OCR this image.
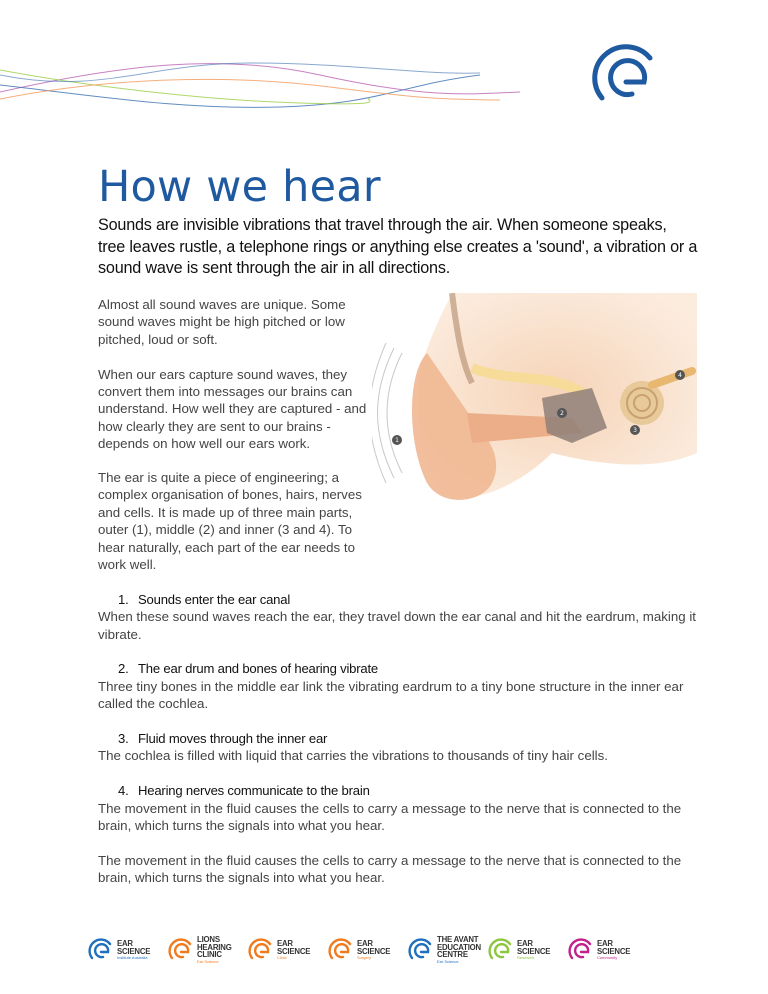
How we hear

Sounds are invisible vibrations that travel through the air. When someone speaks, tree leaves rustle, a telephone rings or anything else creates a 'sound', a vibration or a sound wave is sent through the air in all directions.

Almost all sound waves are unique. Some sound waves might be high pitched or low pitched, loud or soft.

When our ears capture sound waves, they convert them into messages our brains can understand. How well they are captured - and how clearly they are sent to our brains - depends on how well our ears work.	1
2
3
4

The ear is quite a piece of engineering; a complex organisation of bones, hairs, nerves and cells. It is made up of three main parts, outer (1), middle (2) and inner (3 and 4). To hear naturally, each part of the ear needs to work well.

1. Sounds enter the ear canal

When these sound waves reach the ear, they travel down the ear canal and hit the eardrum, making it vibrate.

2. The ear drum and bones of hearing vibrate

Three tiny bones in the middle ear link the vibrating eardrum to a tiny bone structure in the inner ear called the cochlea.

3. Fluid moves through the inner ear

The cochlea is filled with liquid that carries the vibrations to thousands of tiny hair cells.

4. Hearing nerves communicate to the brain

The movement in the fluid causes the cells to carry a message to the nerve that is connected to the brain, which turns the signals into what you hear.

The movement in the fluid causes the cells to carry a message to the nerve that is connected to the brain, which turns the signals into what you hear.

EAR
SCIENCE
Institute Australia
LIONS
HEARING
CLINIC
Ear Science
EAR
SCIENCE
Clinic
EAR
SCIENCE
Surgery
THE AVANT
EDUCATION
CENTRE
Ear Science
EAR
SCIENCE
Research
EAR
SCIENCE
Community
